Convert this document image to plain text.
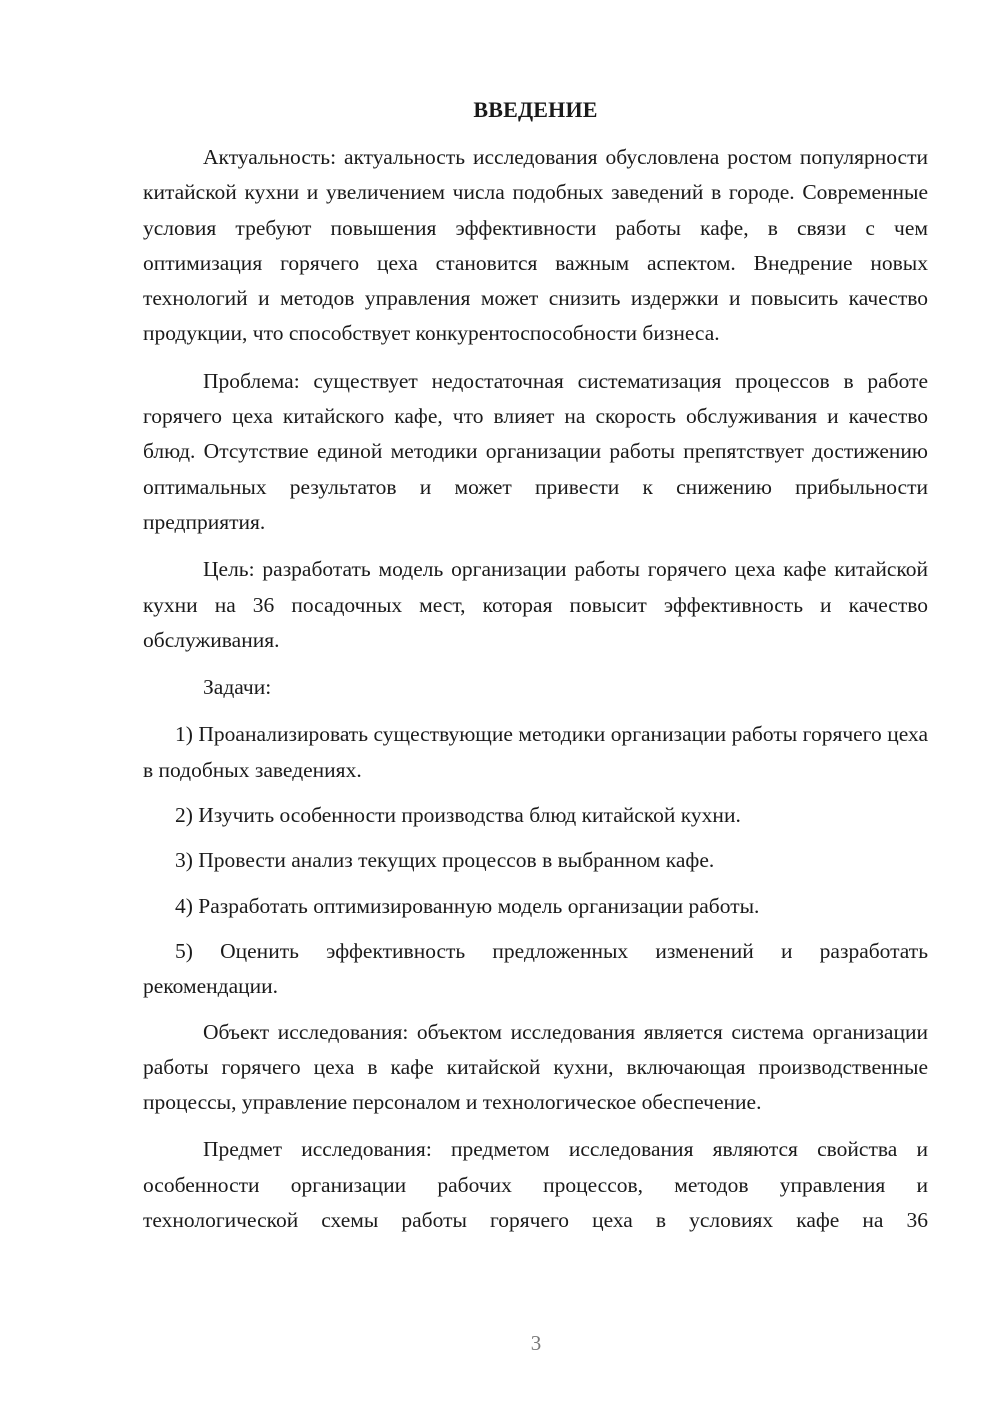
ВВЕДЕНИЕ

Актуальность: актуальность исследования обусловлена ростом популярности китайской кухни и увеличением числа подобных заведений в городе. Современные условия требуют повышения эффективности работы кафе, в связи с чем оптимизация горячего цеха становится важным аспектом. Внедрение новых технологий и методов управления может снизить издержки и повысить качество продукции, что способствует конкурентоспособности бизнеса.

Проблема: существует недостаточная систематизация процессов в работе горячего цеха китайского кафе, что влияет на скорость обслуживания и качество блюд. Отсутствие единой методики организации работы препятствует достижению оптимальных результатов и может привести к снижению прибыльности предприятия.

Цель: разработать модель организации работы горячего цеха кафе китайской кухни на 36 посадочных мест, которая повысит эффективность и качество обслуживания.

Задачи:

1) Проанализировать существующие методики организации работы горячего цеха в подобных заведениях.

2) Изучить особенности производства блюд китайской кухни.

3) Провести анализ текущих процессов в выбранном кафе.

4) Разработать оптимизированную модель организации работы.

5) Оценить эффективность предложенных изменений и разработать рекомендации.

Объект исследования: объектом исследования является система организации работы горячего цеха в кафе китайской кухни, включающая производственные процессы, управление персоналом и технологическое обеспечение.

Предмет исследования: предметом исследования являются свойства и особенности организации рабочих процессов, методов управления и технологической схемы работы горячего цеха в условиях кафе на 36

3
